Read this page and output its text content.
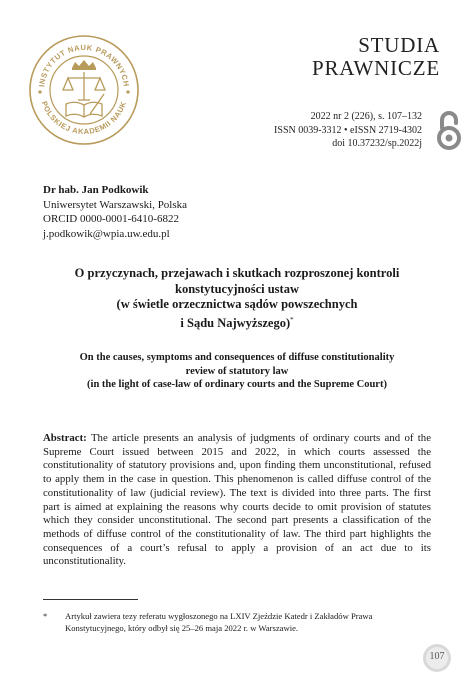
INSTYTUT NAUK PRAWNYCH
POLSKIEJ AKADEMII NAUK
STUDIA
PRAWNICZE
2022 nr 2 (226), s. 107–132
ISSN 0039-3312 • eISSN 2719-4302
doi 10.37232/sp.2022j
Dr hab. Jan Podkowik
Uniwersytet Warszawski, Polska
ORCID 0000-0001-6410-6822
j.podkowik@wpia.uw.edu.pl
O przyczynach, przejawach i skutkach rozproszonej kontroli
konstytucyjności ustaw
(w świetle orzecznictwa sądów powszechnych
i Sądu Najwyższego)*
On the causes, symptoms and consequences of diffuse constitutionality
review of statutory law
(in the light of case-law of ordinary courts and the Supreme Court)
Abstract: The article presents an analysis of judgments of ordinary courts and of the Supreme Court issued between 2015 and 2022, in which courts assessed the constitutionality of statutory provisions and, upon finding them unconstitutional, refused to apply them in the case in question. This phenomenon is called diffuse control of the constitutionality of law (judicial review). The text is divided into three parts. The first part is aimed at explaining the reasons why courts decide to omit provision of statutes which they consider unconstitutional. The second part presents a classification of the methods of diffuse control of the constitutionality of law. The third part highlights the consequences of a court’s refusal to apply a provision of an act due to its unconstitutionality.
* Artykuł zawiera tezy referatu wygłoszonego na LXIV Zjeździe Katedr i Zakładów Prawa Konstytucyjnego, który odbył się 25–26 maja 2022 r. w Warszawie.
107
